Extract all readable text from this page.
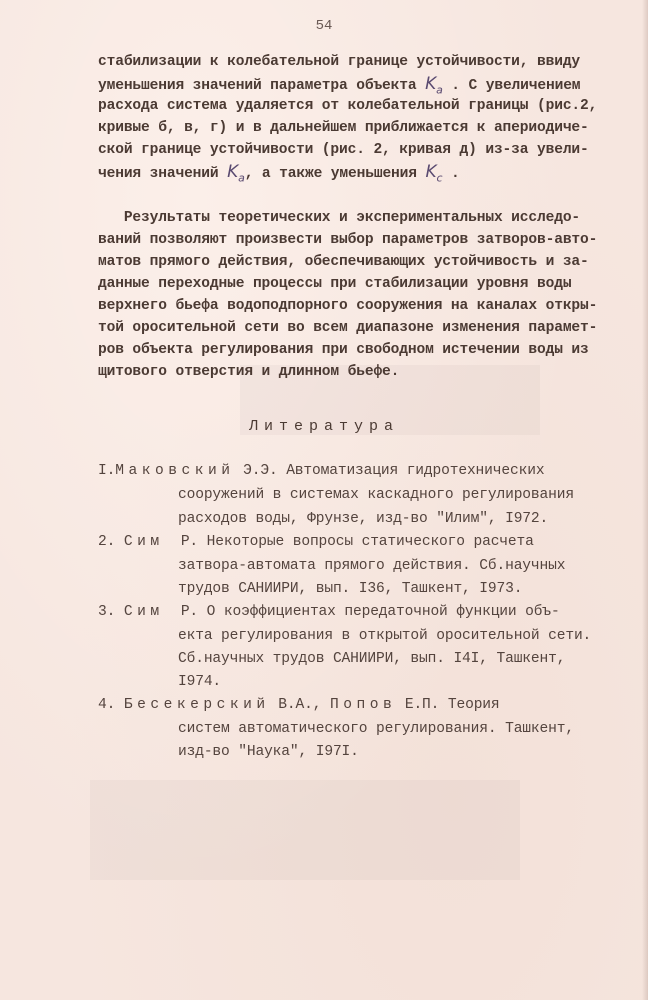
54
стабилизации к колебательной границе устойчивости, ввиду
уменьшения значений параметра объекта $K_a$ . С увеличением
расхода система удаляется от колебательной границы (рис.2,
кривые б, в, г) и в дальнейшем приближается к апериодиче-
ской границе устойчивости (рис. 2, кривая д) из-за увели-
чения значений $K_a$, а также уменьшения $K_c$ .
Результаты теоретических и экспериментальных исследо-
ваний позволяют произвести выбор параметров затворов-авто-
матов прямого действия, обеспечивающих устойчивость и за-
данные переходные процессы при стабилизации уровня воды
верхнего бьефа водоподпорного сооружения на каналах откры-
той оросительной сети во всем диапазоне изменения парамет-
ров объекта регулирования при свободном истечении воды из
щитового отверстия и длинном бьефе.
Литература
I.Маковский Э.Э. Автоматизация гидротехнических
сооружений в системах каскадного регулирования
расходов воды, Фрунзе, изд-во "Илим", I972.
2. Сим  Р. Некоторые вопросы статического расчета
затвора-автомата прямого действия. Сб.научных
трудов САНИИРИ, вып. I36, Ташкент, I973.
3. Сим  Р. О коэффициентах передаточной функции объ-
екта регулирования в открытой оросительной сети.
Сб.научных трудов САНИИРИ, вып. I4I, Ташкент,
I974.
4. Бесекерский В.А., Попов Е.П. Теория
систем автоматического регулирования. Ташкент,
изд-во "Наука", I97I.
